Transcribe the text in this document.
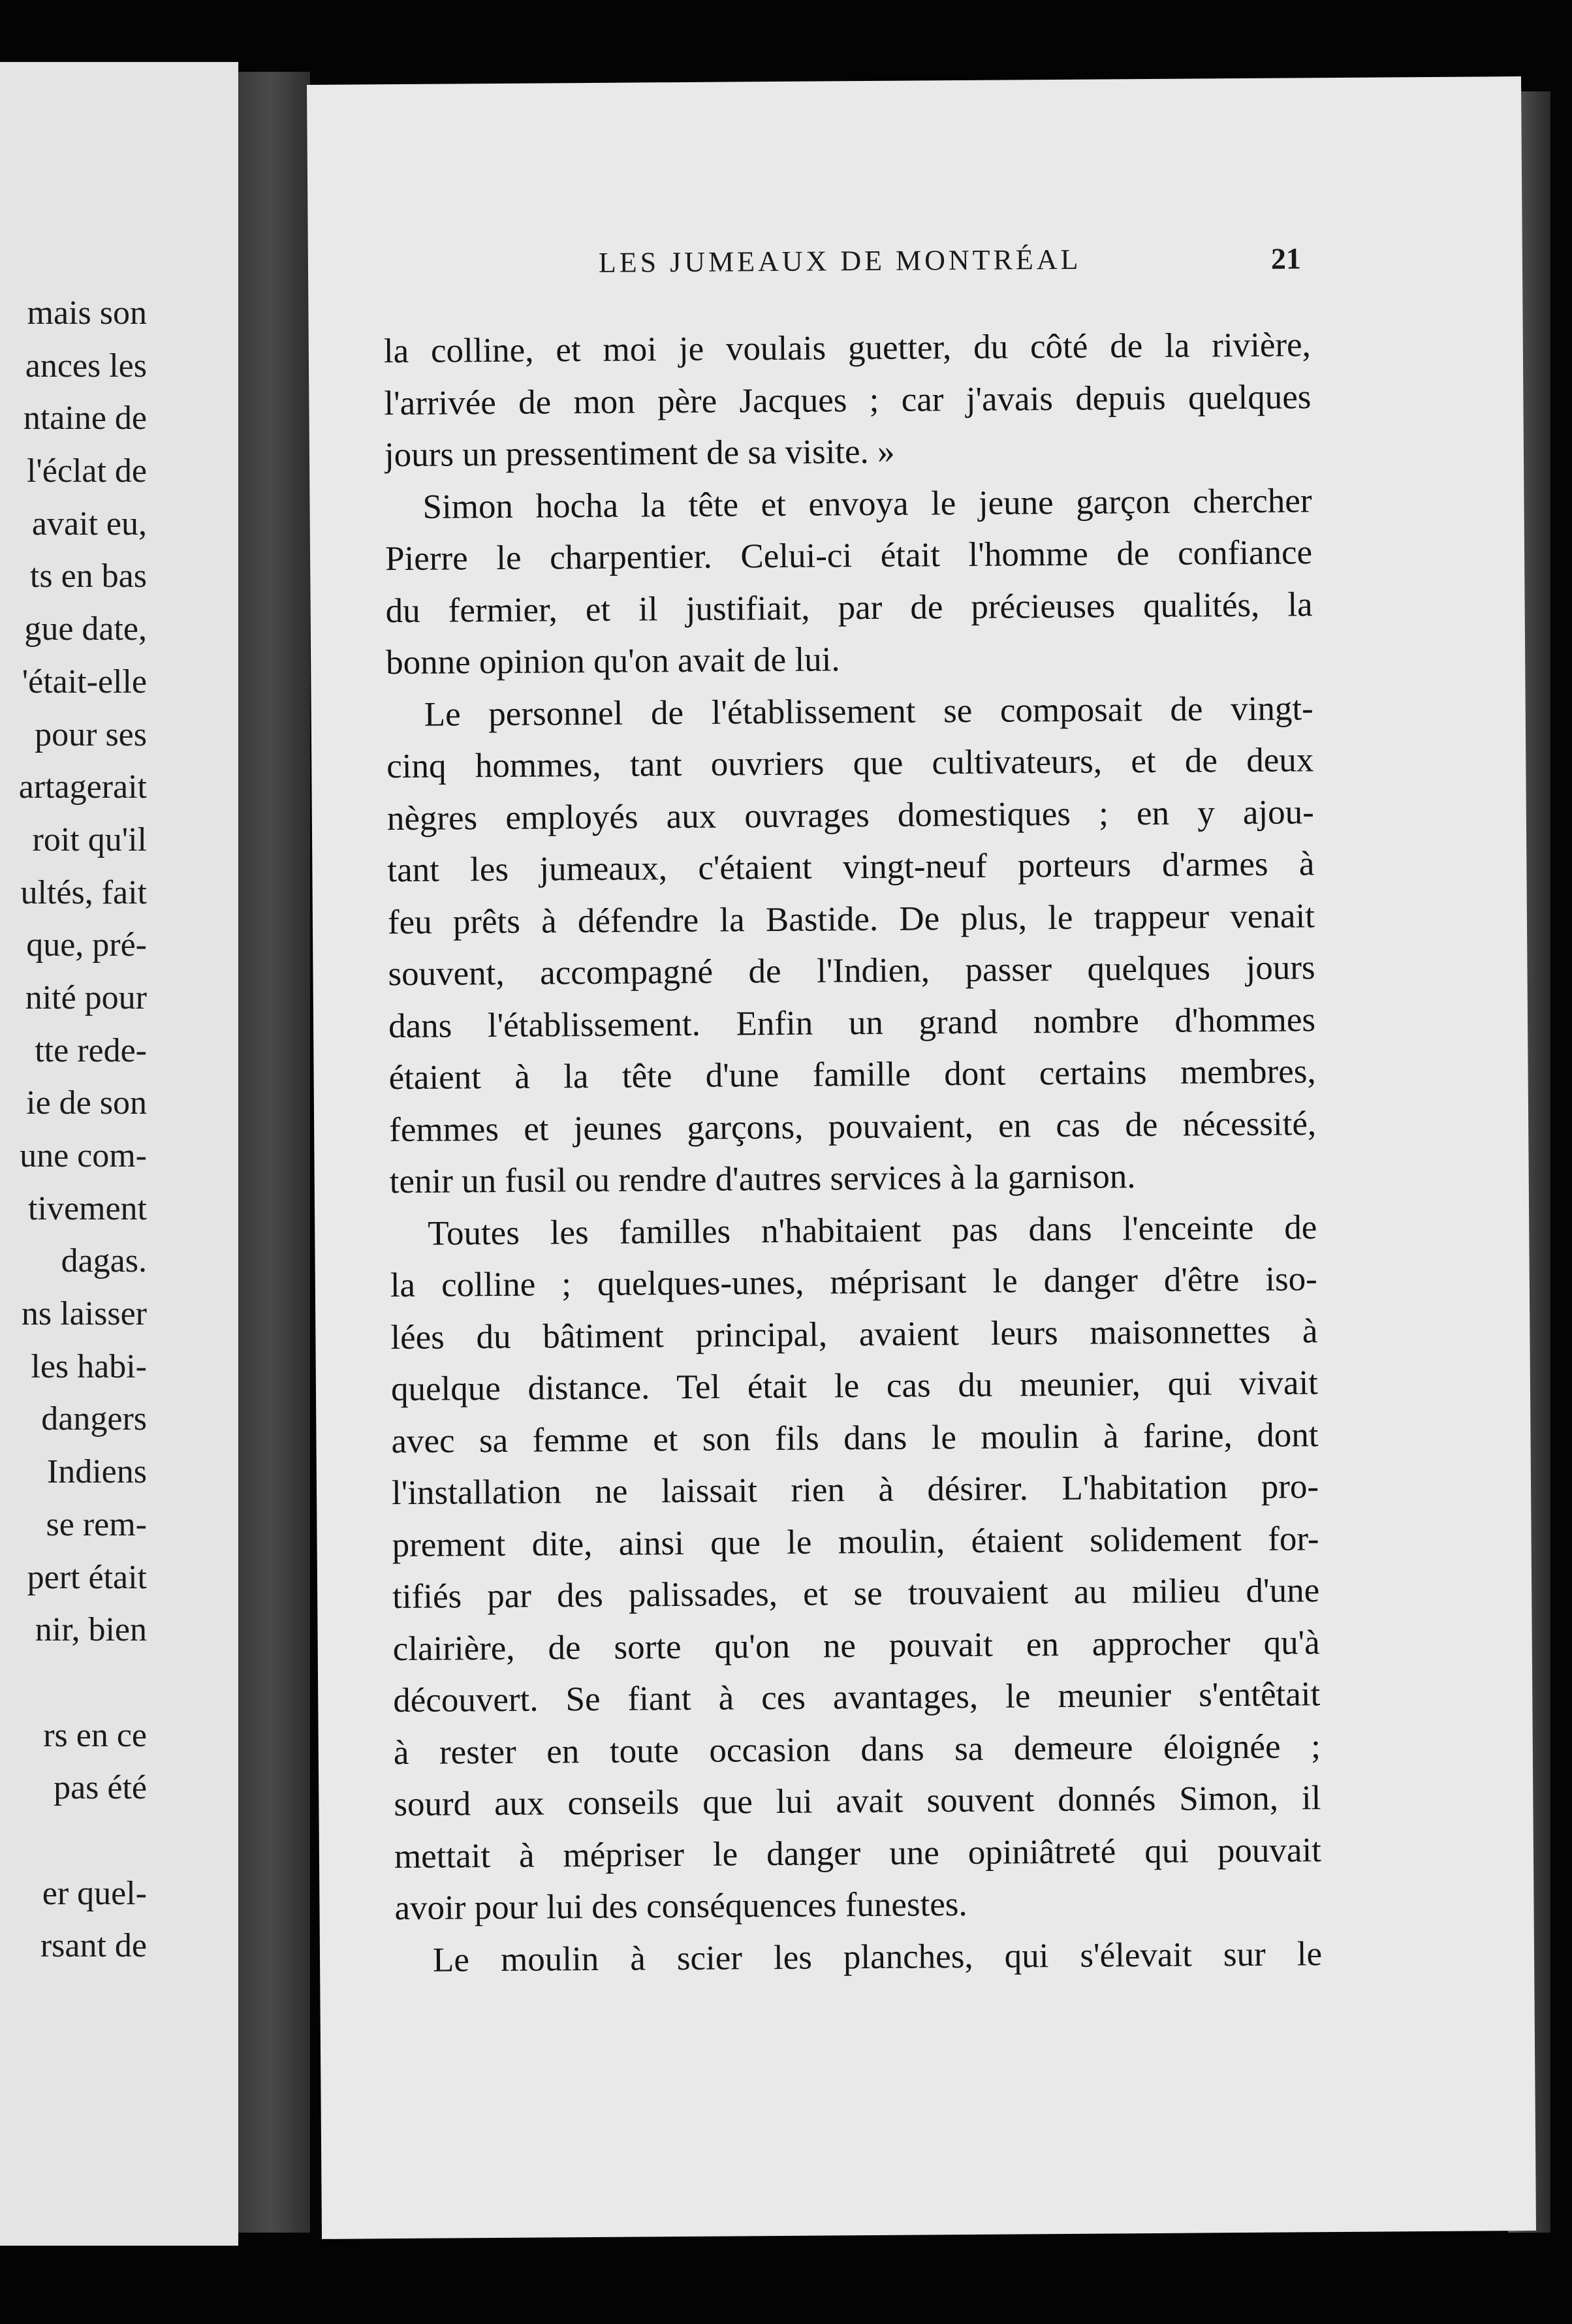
mais son
ances les
ntaine de
l'éclat de
avait eu,
ts en bas
gue date,
'était-elle
pour ses
artagerait
roit qu'il
ultés, fait
que, pré-
nité pour
tte rede-
ie de son
une com-
tivement
dagas.
ns laisser
les habi-
dangers
Indiens
se rem-
pert était
nir, bien
rs en ce
pas été
er quel-
rsant de
LES JUMEAUX DE MONTRÉAL	21
la colline, et moi je voulais guetter, du côté de la rivière,
l'arrivée de mon père Jacques ; car j'avais depuis quelques
jours un pressentiment de sa visite. »
Simon hocha la tête et envoya le jeune garçon chercher
Pierre le charpentier. Celui-ci était l'homme de confiance
du fermier, et il justifiait, par de précieuses qualités, la
bonne opinion qu'on avait de lui.
Le personnel de l'établissement se composait de vingt-
cinq hommes, tant ouvriers que cultivateurs, et de deux
nègres employés aux ouvrages domestiques ; en y ajou-
tant les jumeaux, c'étaient vingt-neuf porteurs d'armes à
feu prêts à défendre la Bastide. De plus, le trappeur venait
souvent, accompagné de l'Indien, passer quelques jours
dans l'établissement. Enfin un grand nombre d'hommes
étaient à la tête d'une famille dont certains membres,
femmes et jeunes garçons, pouvaient, en cas de nécessité,
tenir un fusil ou rendre d'autres services à la garnison.
Toutes les familles n'habitaient pas dans l'enceinte de
la colline ; quelques-unes, méprisant le danger d'être iso-
lées du bâtiment principal, avaient leurs maisonnettes à
quelque distance. Tel était le cas du meunier, qui vivait
avec sa femme et son fils dans le moulin à farine, dont
l'installation ne laissait rien à désirer. L'habitation pro-
prement dite, ainsi que le moulin, étaient solidement for-
tifiés par des palissades, et se trouvaient au milieu d'une
clairière, de sorte qu'on ne pouvait en approcher qu'à
découvert. Se fiant à ces avantages, le meunier s'entêtait
à rester en toute occasion dans sa demeure éloignée ;
sourd aux conseils que lui avait souvent donnés Simon, il
mettait à mépriser le danger une opiniâtreté qui pouvait
avoir pour lui des conséquences funestes.
Le moulin à scier les planches, qui s'élevait sur le
